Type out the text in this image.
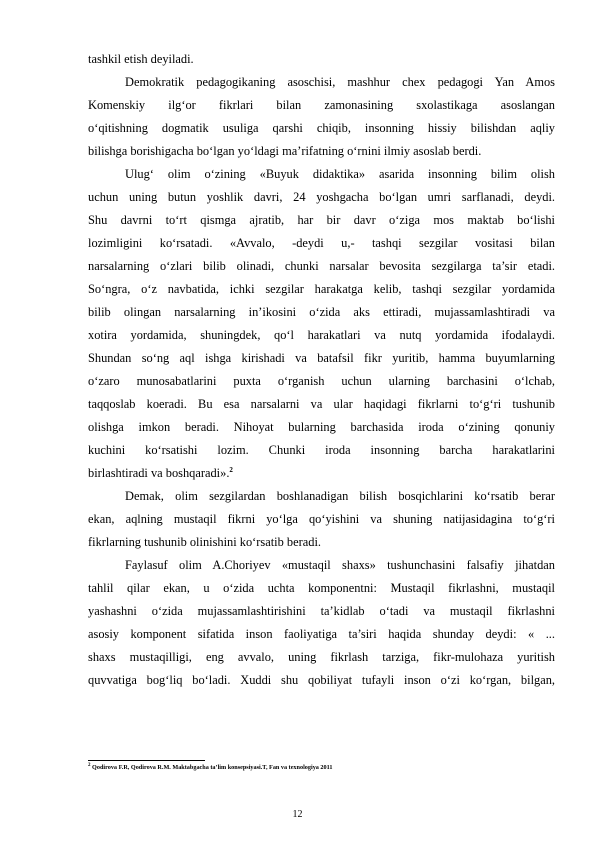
tashkil etish deyiladi.
Demokratik pedagogikaning asoschisi, mashhur chex pedagogi Yan Amos
Komenskiy ilg‘or fikrlari bilan zamonasining sxolastikaga asoslangan
o‘qitishning dogmatik usuliga qarshi chiqib, insonning hissiy bilishdan aqliy
bilishga borishigacha bo‘lgan yo‘ldagi ma’rifatning o‘rnini ilmiy asoslab berdi.
Ulug‘ olim o‘zining «Buyuk didaktika» asarida insonning bilim olish
uchun uning butun yoshlik davri, 24 yoshgacha bo‘lgan umri sarflanadi, deydi.
Shu davrni to‘rt qismga ajratib, har bir davr o‘ziga mos maktab bo‘lishi
lozimligini ko‘rsatadi. «Avvalo, -deydi u,- tashqi sezgilar vositasi bilan
narsalarning o‘zlari bilib olinadi, chunki narsalar bevosita sezgilarga ta’sir etadi.
So‘ngra, o‘z navbatida, ichki sezgilar harakatga kelib, tashqi sezgilar yordamida
bilib olingan narsalarning in’ikosini o‘zida aks ettiradi, mujassamlashtiradi va
xotira yordamida, shuningdek, qo‘l harakatlari va nutq yordamida ifodalaydi.
Shundan so‘ng aql ishga kirishadi va batafsil fikr yuritib, hamma buyumlarning
o‘zaro munosabatlarini puxta o‘rganish uchun ularning barchasini o‘lchab,
taqqoslab koeradi. Bu esa narsalarni va ular haqidagi fikrlarni to‘g‘ri tushunib
olishga imkon beradi. Nihoyat bularning barchasida iroda o‘zining qonuniy
kuchini ko‘rsatishi lozim. Chunki iroda insonning barcha harakatlarini
birlashtiradi va boshqaradi».$^2$
Demak, olim sezgilardan boshlanadigan bilish bosqichlarini ko‘rsatib berar
ekan, aqlning mustaqil fikrni yo‘lga qo‘yishini va shuning natijasidagina to‘g‘ri
fikrlarning tushunib olinishini ko‘rsatib beradi.
Faylasuf olim A.Choriyev «mustaqil shaxs» tushunchasini falsafiy jihatdan
tahlil qilar ekan, u o‘zida uchta komponentni: Mustaqil fikrlashni, mustaqil
yashashni o‘zida mujassamlashtirishini ta’kidlab o‘tadi va mustaqil fikrlashni
asosiy komponent sifatida inson faoliyatiga ta’siri haqida shunday deydi: « ...
shaxs mustaqilligi, eng avvalo, uning fikrlash tarziga, fikr-mulohaza yuritish
quvvatiga bog‘liq bo‘ladi. Xuddi shu qobiliyat tufayli inson o‘zi ko‘rgan, bilgan,
$^2$ Qodirova F.R, Qodirova R.M. Maktabgacha ta’lim konsepsiyasi.T, Fan va texnologiya 2011
12
